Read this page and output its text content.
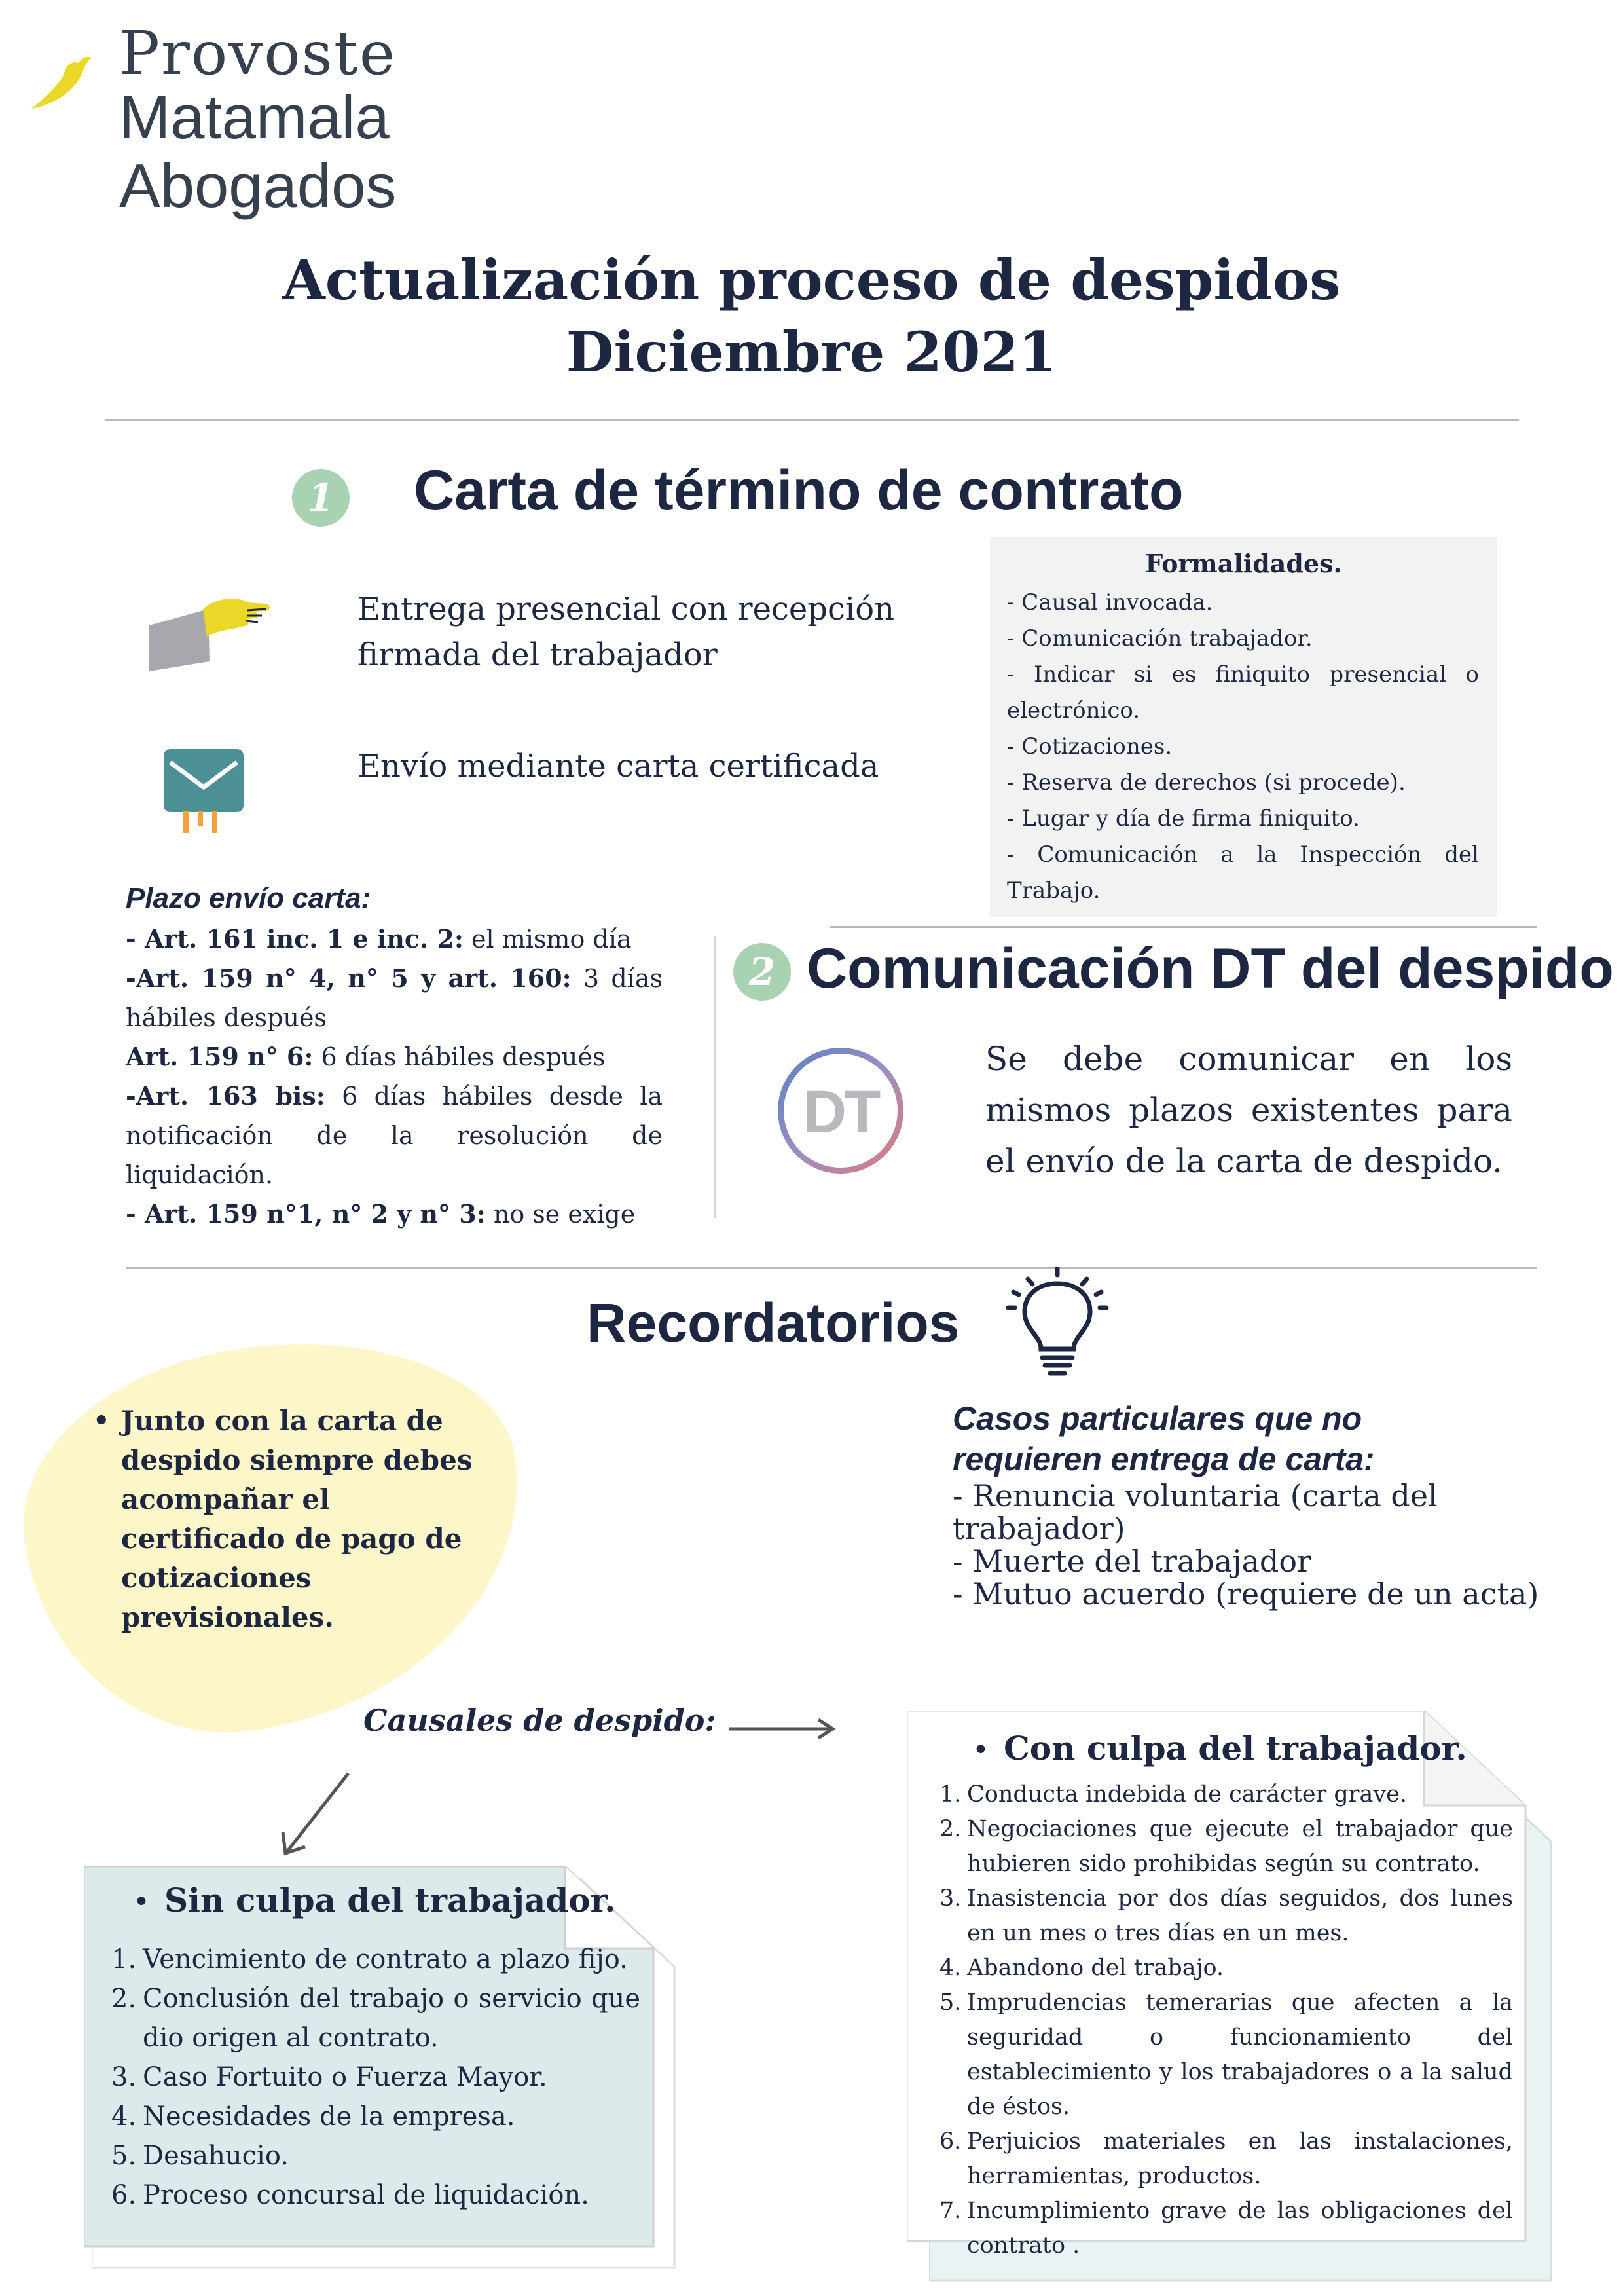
Provoste
Matamala
Abogados
Actualización proceso de despidos
Diciembre 2021
1 Carta de término de contrato
Entrega presencial con recepción
firmada del trabajador
Envío mediante carta certificada
Formalidades.
- Causal invocada.
- Comunicación trabajador.
- Indicar si es finiquito presencial o electrónico.
- Cotizaciones.
- Reserva de derechos (si procede).
- Lugar y día de firma finiquito.
- Comunicación a la Inspección del Trabajo.
Plazo envío carta:
- Art. 161 inc. 1 e inc. 2: el mismo día
-Art. 159 n° 4, n° 5 y art. 160: 3 días hábiles después
Art. 159 n° 6: 6 días hábiles después
-Art. 163 bis: 6 días hábiles desde la notificación de la resolución de liquidación.
- Art. 159 n°1, n° 2 y n° 3: no se exige
2 Comunicación DT del despido
DT
Se debe comunicar en los mismos plazos existentes para el envío de la carta de despido.
Recordatorios
• Junto con la carta de despido siempre debes acompañar el certificado de pago de cotizaciones previsionales.
Casos particulares que no
requieren entrega de carta:
- Renuncia voluntaria (carta del trabajador)
- Muerte del trabajador
- Mutuo acuerdo (requiere de un acta)
Causales de despido:
• Sin culpa del trabajador.
1. Vencimiento de contrato a plazo fijo.
2. Conclusión del trabajo o servicio que dio origen al contrato.
3. Caso Fortuito o Fuerza Mayor.
4. Necesidades de la empresa.
5. Desahucio.
6. Proceso concursal de liquidación.
• Con culpa del trabajador.
1. Conducta indebida de carácter grave.
2. Negociaciones que ejecute el trabajador que hubieren sido prohibidas según su contrato.
3. Inasistencia por dos días seguidos, dos lunes en un mes o tres días en un mes.
4. Abandono del trabajo.
5. Imprudencias temerarias que afecten a la seguridad o funcionamiento del establecimiento y los trabajadores o a la salud de éstos.
6. Perjuicios materiales en las instalaciones, herramientas, productos.
7. Incumplimiento grave de las obligaciones del contrato .
